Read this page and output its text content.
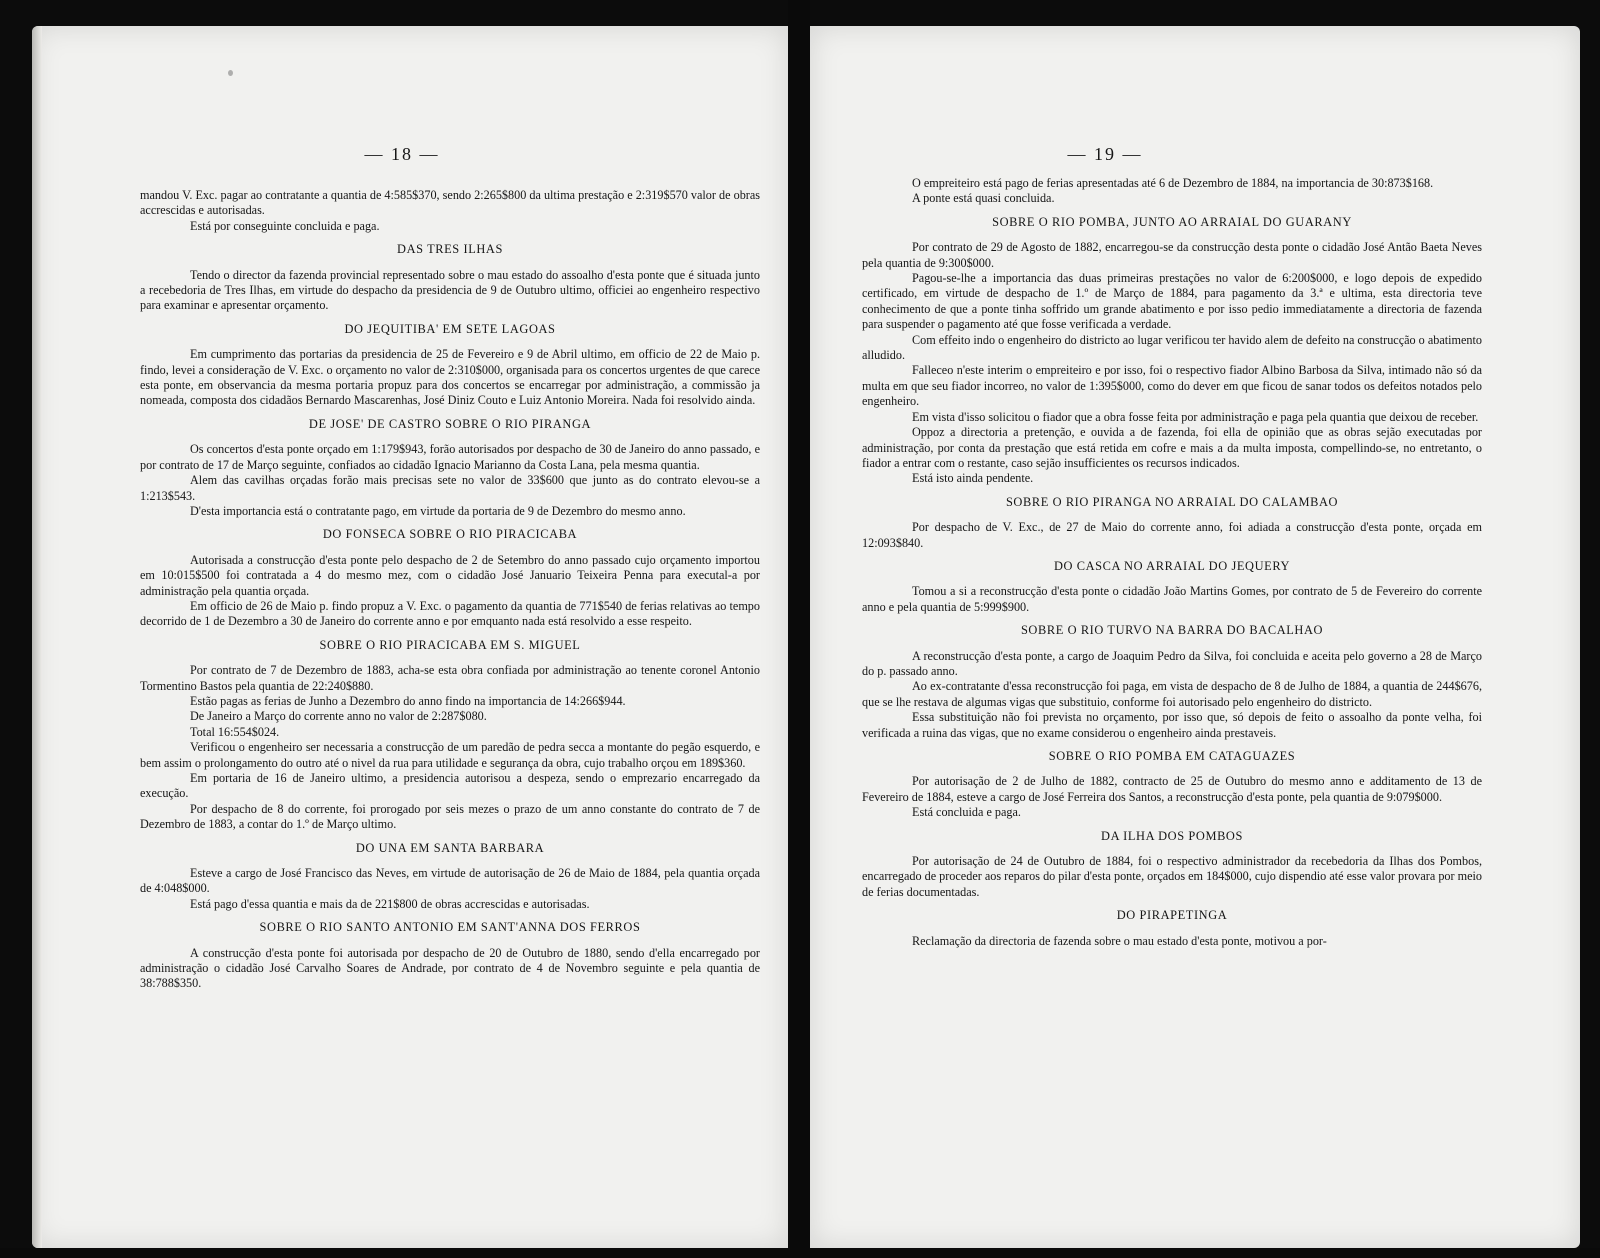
— 18 —

mandou V. Exc. pagar ao contratante a quantia de 4:585$370, sendo 2:265$800 da ultima prestação e 2:319$570 valor de obras accrescidas e autorisadas.

Está por conseguinte concluida e paga.

DAS TRES ILHAS

Tendo o director da fazenda provincial representado sobre o mau estado do assoalho d'esta ponte que é situada junto a recebedoria de Tres Ilhas, em virtude do despacho da presidencia de 9 de Outubro ultimo, officiei ao engenheiro respectivo para examinar e apresentar orçamento.

DO JEQUITIBA' EM SETE LAGOAS

Em cumprimento das portarias da presidencia de 25 de Fevereiro e 9 de Abril ultimo, em officio de 22 de Maio p. findo, levei a consideração de V. Exc. o orçamento no valor de 2:310$000, organisada para os concertos urgentes de que carece esta ponte, em observancia da mesma portaria propuz para dos concertos se encarregar por administração, a commissão ja nomeada, composta dos cidadãos Bernardo Mascarenhas, José Diniz Couto e Luiz Antonio Moreira. Nada foi resolvido ainda.

DE JOSE' DE CASTRO SOBRE O RIO PIRANGA

Os concertos d'esta ponte orçado em 1:179$943, forão autorisados por despacho de 30 de Janeiro do anno passado, e por contrato de 17 de Março seguinte, confiados ao cidadão Ignacio Marianno da Costa Lana, pela mesma quantia.

Alem das cavilhas orçadas forão mais precisas sete no valor de 33$600 que junto as do contrato elevou-se a 1:213$543.

D'esta importancia está o contratante pago, em virtude da portaria de 9 de Dezembro do mesmo anno.

DO FONSECA SOBRE O RIO PIRACICABA

Autorisada a construcção d'esta ponte pelo despacho de 2 de Setembro do anno passado cujo orçamento importou em 10:015$500 foi contratada a 4 do mesmo mez, com o cidadão José Januario Teixeira Penna para executal-a por administração pela quantia orçada.

Em officio de 26 de Maio p. findo propuz a V. Exc. o pagamento da quantia de 771$540 de ferias relativas ao tempo decorrido de 1 de Dezembro a 30 de Janeiro do corrente anno e por emquanto nada está resolvido a esse respeito.

SOBRE O RIO PIRACICABA EM S. MIGUEL

Por contrato de 7 de Dezembro de 1883, acha-se esta obra confiada por administração ao tenente coronel Antonio Tormentino Bastos pela quantia de 22:240$880.

Estão pagas as ferias de Junho a Dezembro do anno findo na importancia de 14:266$944.

De Janeiro a Março do corrente anno no valor de 2:287$080.

Total 16:554$024.

Verificou o engenheiro ser necessaria a construcção de um paredão de pedra secca a montante do pegão esquerdo, e bem assim o prolongamento do outro até o nivel da rua para utilidade e segurança da obra, cujo trabalho orçou em 189$360.

Em portaria de 16 de Janeiro ultimo, a presidencia autorisou a despeza, sendo o emprezario encarregado da execução.

Por despacho de 8 do corrente, foi prorogado por seis mezes o prazo de um anno constante do contrato de 7 de Dezembro de 1883, a contar do 1.º de Março ultimo.

DO UNA EM SANTA BARBARA

Esteve a cargo de José Francisco das Neves, em virtude de autorisação de 26 de Maio de 1884, pela quantia orçada de 4:048$000.

Está pago d'essa quantia e mais da de 221$800 de obras accrescidas e autorisadas.

SOBRE O RIO SANTO ANTONIO EM SANT'ANNA DOS FERROS

A construcção d'esta ponte foi autorisada por despacho de 20 de Outubro de 1880, sendo d'ella encarregado por administração o cidadão José Carvalho Soares de Andrade, por contrato de 4 de Novembro seguinte e pela quantia de 38:788$350.

— 19 —

O empreiteiro está pago de ferias apresentadas até 6 de Dezembro de 1884, na importancia de 30:873$168.

A ponte está quasi concluida.

SOBRE O RIO POMBA, JUNTO AO ARRAIAL DO GUARANY

Por contrato de 29 de Agosto de 1882, encarregou-se da construcção desta ponte o cidadão José Antão Baeta Neves pela quantia de 9:300$000.

Pagou-se-lhe a importancia das duas primeiras prestações no valor de 6:200$000, e logo depois de expedido certificado, em virtude de despacho de 1.º de Março de 1884, para pagamento da 3.ª e ultima, esta directoria teve conhecimento de que a ponte tinha soffrido um grande abatimento e por isso pedio immediatamente a directoria de fazenda para suspender o pagamento até que fosse verificada a verdade.

Com effeito indo o engenheiro do districto ao lugar verificou ter havido alem de defeito na construcção o abatimento alludido.

Falleceo n'este interim o empreiteiro e por isso, foi o respectivo fiador Albino Barbosa da Silva, intimado não só da multa em que seu fiador incorreo, no valor de 1:395$000, como do dever em que ficou de sanar todos os defeitos notados pelo engenheiro.

Em vista d'isso solicitou o fiador que a obra fosse feita por administração e paga pela quantia que deixou de receber.

Oppoz a directoria a pretenção, e ouvida a de fazenda, foi ella de opinião que as obras sejão executadas por administração, por conta da prestação que está retida em cofre e mais a da multa imposta, compellindo-se, no entretanto, o fiador a entrar com o restante, caso sejão insufficientes os recursos indicados.

Está isto ainda pendente.

SOBRE O RIO PIRANGA NO ARRAIAL DO CALAMBAO

Por despacho de V. Exc., de 27 de Maio do corrente anno, foi adiada a construcção d'esta ponte, orçada em 12:093$840.

DO CASCA NO ARRAIAL DO JEQUERY

Tomou a si a reconstrucção d'esta ponte o cidadão João Martins Gomes, por contrato de 5 de Fevereiro do corrente anno e pela quantia de 5:999$900.

SOBRE O RIO TURVO NA BARRA DO BACALHAO

A reconstrucção d'esta ponte, a cargo de Joaquim Pedro da Silva, foi concluida e aceita pelo governo a 28 de Março do p. passado anno.

Ao ex-contratante d'essa reconstrucção foi paga, em vista de despacho de 8 de Julho de 1884, a quantia de 244$676, que se lhe restava de algumas vigas que substituio, conforme foi autorisado pelo engenheiro do districto.

Essa substituição não foi prevista no orçamento, por isso que, só depois de feito o assoalho da ponte velha, foi verificada a ruina das vigas, que no exame considerou o engenheiro ainda prestaveis.

SOBRE O RIO POMBA EM CATAGUAZES

Por autorisação de 2 de Julho de 1882, contracto de 25 de Outubro do mesmo anno e additamento de 13 de Fevereiro de 1884, esteve a cargo de José Ferreira dos Santos, a reconstrucção d'esta ponte, pela quantia de 9:079$000.

Está concluida e paga.

DA ILHA DOS POMBOS

Por autorisação de 24 de Outubro de 1884, foi o respectivo administrador da recebedoria da Ilhas dos Pombos, encarregado de proceder aos reparos do pilar d'esta ponte, orçados em 184$000, cujo dispendio até esse valor provara por meio de ferias documentadas.

DO PIRAPETINGA

Reclamação da directoria de fazenda sobre o mau estado d'esta ponte, motivou a por-
